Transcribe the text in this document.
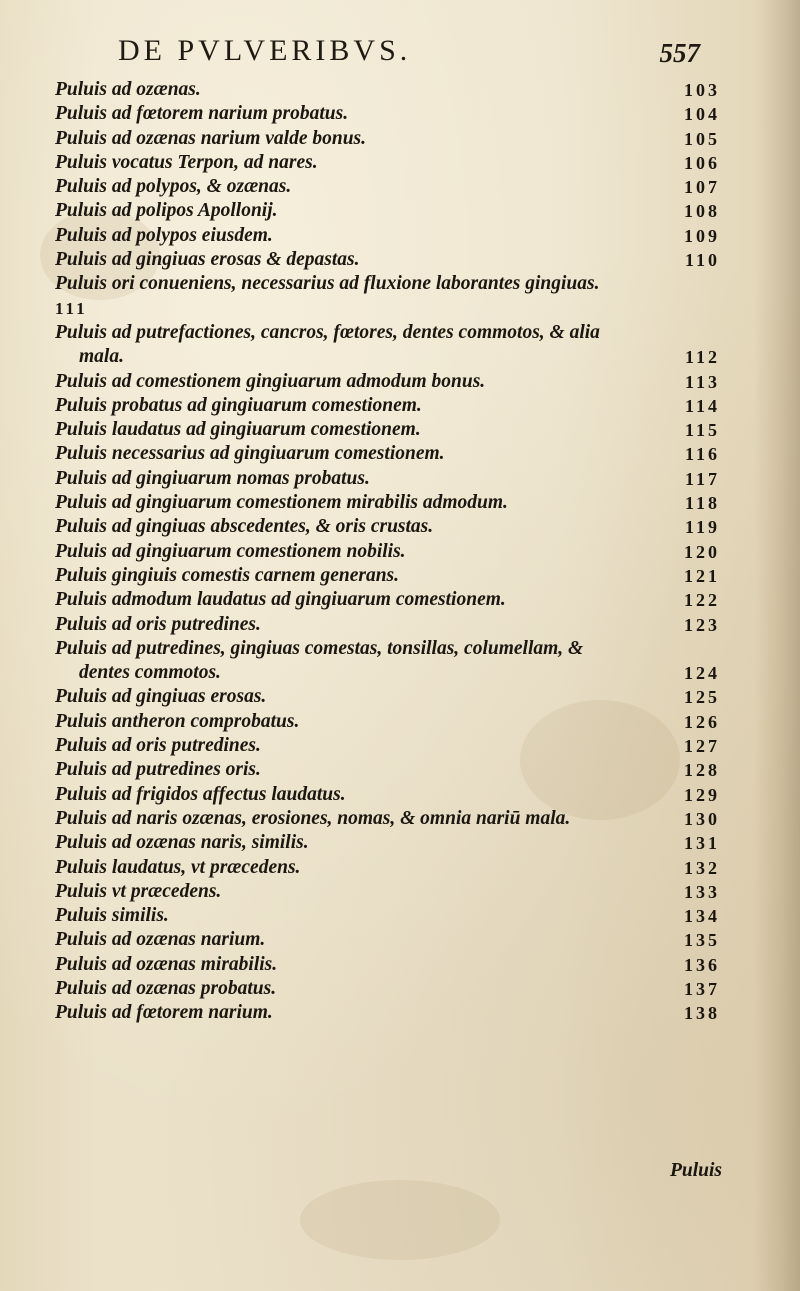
DE PVLVERIBVS.	557
Puluis ad ozænas.	103
Puluis ad fœtorem narium probatus.	104
Puluis ad ozænas narium valde bonus.	105
Puluis vocatus Terpon, ad nares.	106
Puluis ad polypos, & ozænas.	107
Puluis ad polipos Apollonij.	108
Puluis ad polypos eiusdem.	109
Puluis ad gingiuas erosas & depastas.	110
Puluis ori conueniens, necessarius ad fluxione laborantes gingiuas.
111
Puluis ad putrefactiones, cancros, fœtores, dentes commotos, & alia
mala.	112
Puluis ad comestionem gingiuarum admodum bonus.	113
Puluis probatus ad gingiuarum comestionem.	114
Puluis laudatus ad gingiuarum comestionem.	115
Puluis necessarius ad gingiuarum comestionem.	116
Puluis ad gingiuarum nomas probatus.	117
Puluis ad gingiuarum comestionem mirabilis admodum.	118
Puluis ad gingiuas abscedentes, & oris crustas.	119
Puluis ad gingiuarum comestionem nobilis.	120
Puluis gingiuis comestis carnem generans.	121
Puluis admodum laudatus ad gingiuarum comestionem.	122
Puluis ad oris putredines.	123
Puluis ad putredines, gingiuas comestas, tonsillas, columellam, &
dentes commotos.	124
Puluis ad gingiuas erosas.	125
Puluis antheron comprobatus.	126
Puluis ad oris putredines.	127
Puluis ad putredines oris.	128
Puluis ad frigidos affectus laudatus.	129
Puluis ad naris ozænas, erosiones, nomas, & omnia nariū mala.	130
Puluis ad ozænas naris, similis.	131
Puluis laudatus, vt præcedens.	132
Puluis vt præcedens.	133
Puluis similis.	134
Puluis ad ozænas narium.	135
Puluis ad ozænas mirabilis.	136
Puluis ad ozænas probatus.	137
Puluis ad fœtorem narium.	138
Puluis
